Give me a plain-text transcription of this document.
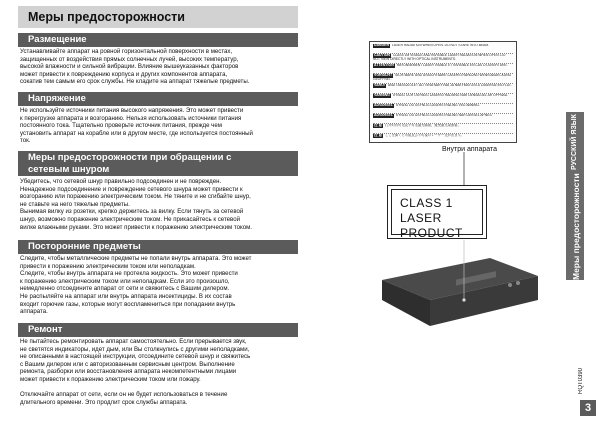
Меры предосторожности
Размещение
Устанавливайте аппарат на ровной горизонтальной поверхности в местах,
защищенных от воздействия прямых солнечных лучей, высоких температур,
высокой влажности и сильной вибрации. Влияние вышеуказанных факторов
может привести к повреждению корпуса и других компонентов аппарата,
сокатив тем самым его срок службы. Не кладите на аппарат тяжелые предметы.
Напряжение
Не используйте источники питания высокого напряжения. Это может привести
к перегрузке аппарата и возгоранию. Нельзя использовать источники питания
постоянного тока. Тщательно проверьте источник питания, прежде чем
установить аппарат на корабле или в другом месте, где используется постоянный
ток.
Меры предосторожности при обращении с
сетевым шнуром
Убедитесь, что сетевой шнур правильно подсоединен и не поврежден.
Ненадежное подсоединение и повреждение сетевого шнура может привести к
возгоранию или поражению электрическим током. Не тяните и не сгибайте шнур,
не ставьте на него тяжелые предметы.
Вынимая вилку из розетки, крепко держитесь за вилку. Если тянуть за сетевой
шнур, возможно поражение электрическим током. Не прикасайтесь к сетевой
вилке влажными руками. Это может привести к поражению электрическим током.
Посторонние предметы
Следите, чтобы металлические предметы не попали внутрь аппарата. Это может
привести к поражению электрическим током или неполадкам.
Следите, чтобы внутрь аппарата не протекла жидкость. Это может привести
к поражению электрическим током или неполадкам. Если это произошло,
немедленно отсоедините аппарат от сети и свяжитесь с Вашим дилером.
Не распыляйте на аппарат или внутрь аппарата инсектициды. В их состав
входит горючие газы, которые могут воспламениться при попадании внутрь
аппарата.
Ремонт
Не пытайтесь ремонтировать аппарат самостоятельно. Если прерывается звук,
не светятся индикаторы, идет дым, или Вы столкнулись с другими неполадками,
не описанными в настоящей инструкции, отсоедините сетевой шнур и свяжитесь
с Вашим дилером или с авторизованным сервисным центром. Выполнение
ремонта, разборки или восстановления аппарата некомпетентными лицами
может привести к поражению электрическим током или пожару.
Отключайте аппарат от сети, если он не будет использоваться в течение
длительного времени. Это продлит срок службы аппарата.
DANGER LASER RADIATION WHEN OPEN. DO NOT STARE INTO BEAM.
CAUTION CLASS 1M VISIBLE AND INVISIBLE LASER RADIATION WHEN OPEN. DO NOT VIEW DIRECTLY WITH OPTICAL INSTRUMENTS.
ATTENTION RAYONNEMENT LASER VISIBLE ET INVISIBLE EN CAS D'OUVERTURE.
VORSICHT SICHTBARE UND UNSICHTBARE LASERSTRAHLUNG WENN ABDECKUNG GEÖFFNET.
VARO! AVATTAESSA OLET ALTTIINA NÄKYVÄÄ JA NÄKYMÄTÖNTÄ LASERSÄTEILYLLE.
VARNING SYNLIG OCH OSYNLIG LASERSTRÅLNING NÄR DENNA DEL ÄR ÖPPNAD.
ADVARSEL SYNLIG OG USYNLIG LASERSTRÅLING VED ÅBNING.
ADVARSEL SYNLIG OG USYNLIG LASERSTRÅLING NÅR DEKSEL ÅPNES.
注 意 打开时有可见及不可见激光辐射，避免激光束照射。
注 意 ここを開くと可視及び不可視のレーザー光が出ます。
Внутри аппарата
CLASS 1
LASER PRODUCT
РУССКИЙ ЯЗЫК
Меры предосторожности
RQT0390
3
